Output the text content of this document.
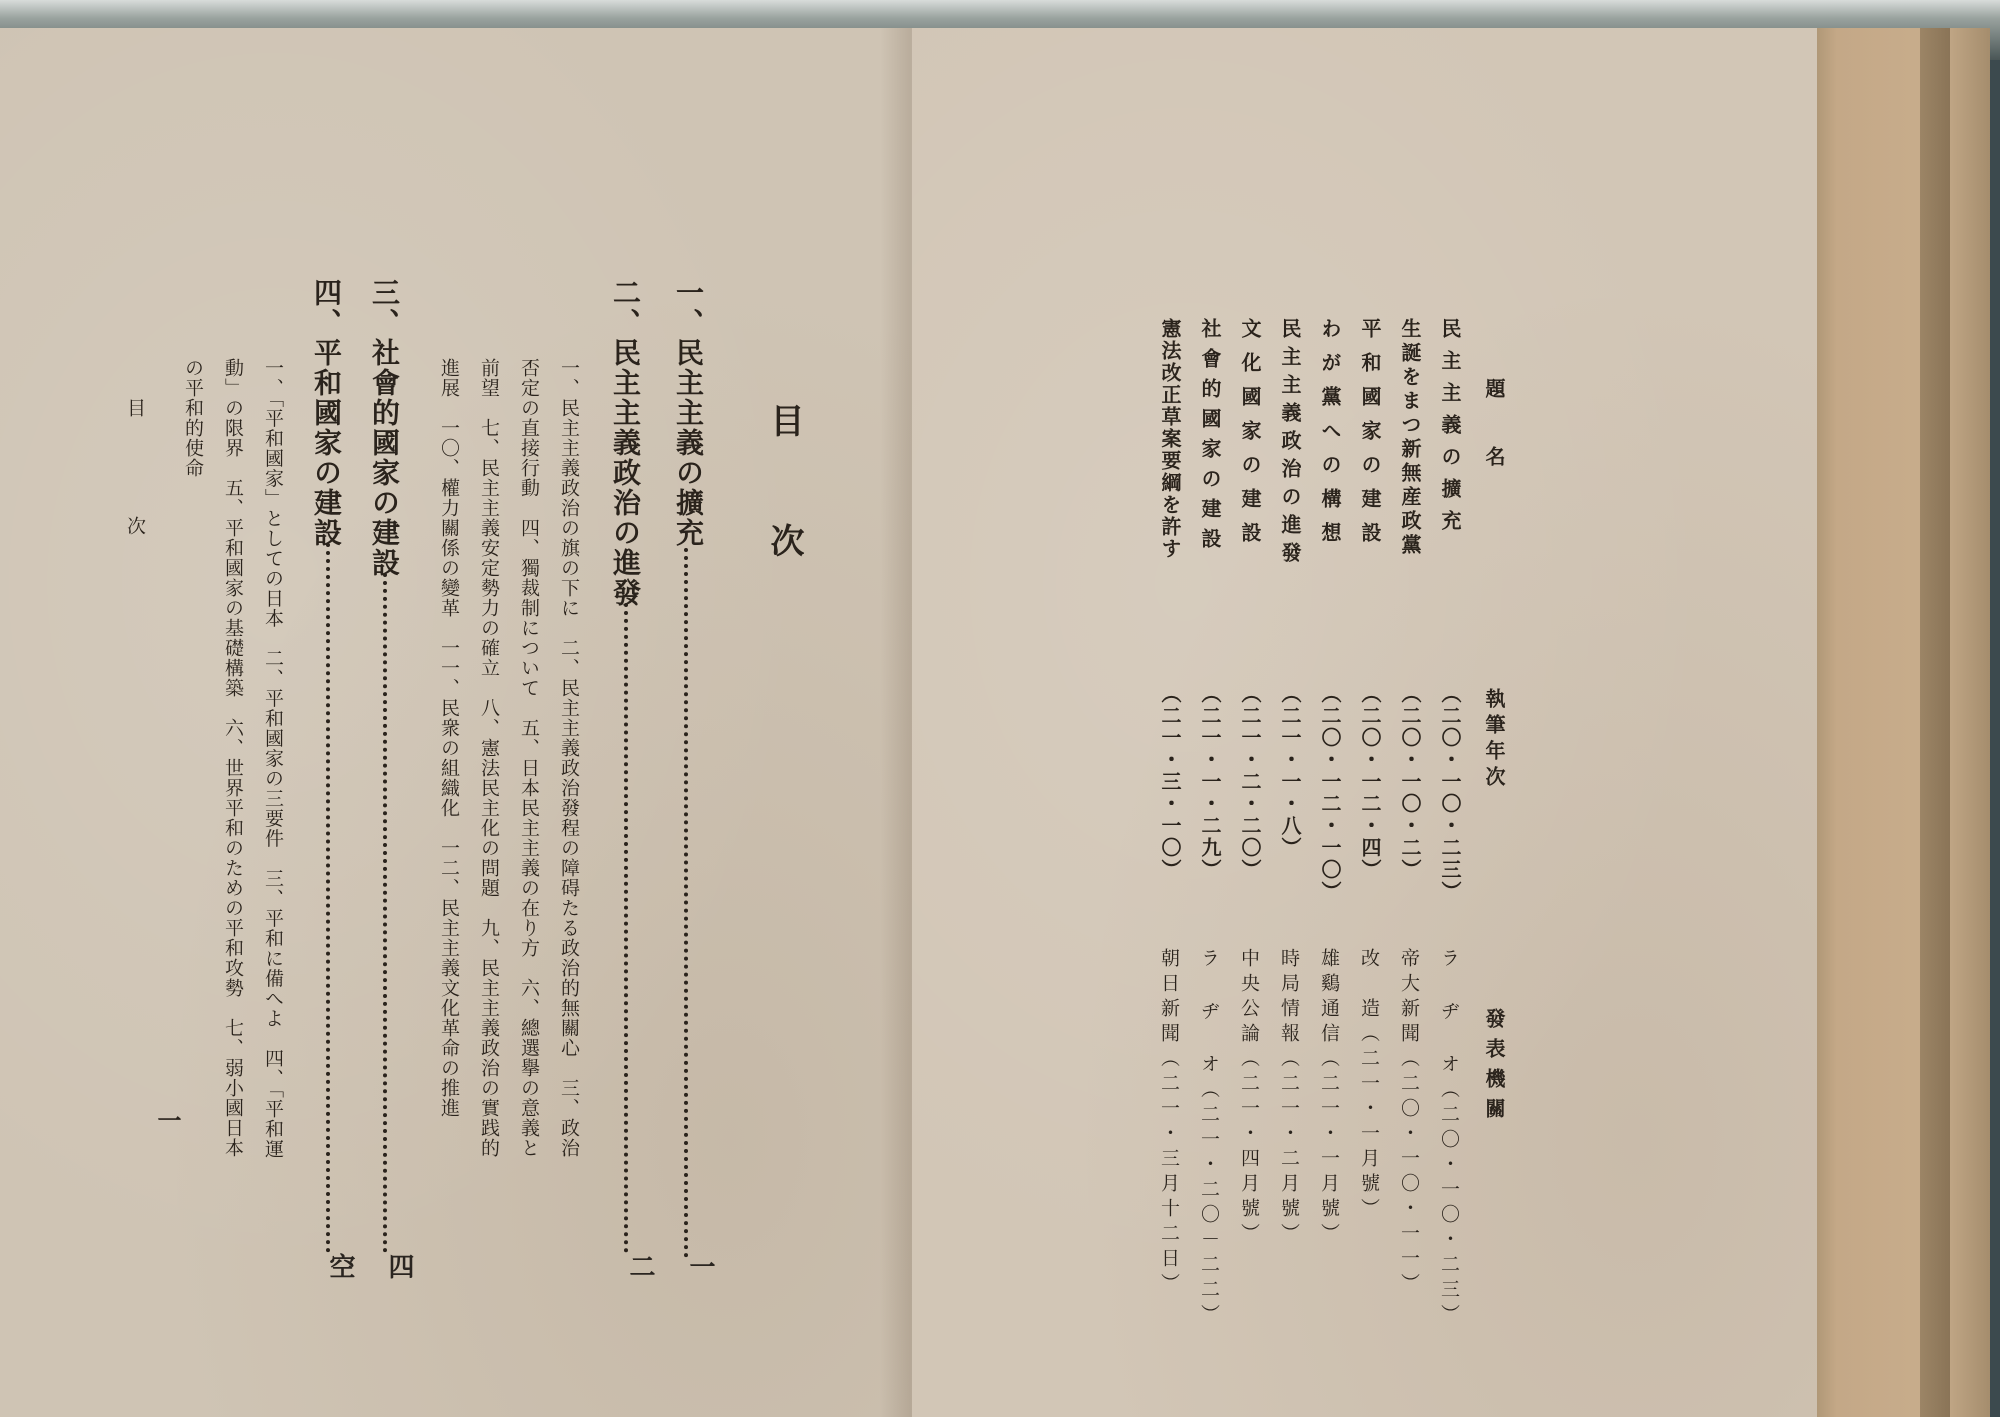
目　次
一、民主主義の擴充
一
二、民主主義政治の進發
二
一、民主主義政治の旗の下に　二、民主主義政治發程の障碍たる政治的無關心　三、政治
否定の直接行動　四、獨裁制について　五、日本民主主義の在り方　六、總選擧の意義と
前望　七、民主主義安定勢力の確立　八、憲法民主化の問題　九、民主主義政治の實践的
進展　一〇、權力關係の變革　一一、民衆の組織化　一二、民主主義文化革命の推進
三、社會的國家の建設
四
四、平和國家の建設
空
一、「平和國家」としての日本　二、平和國家の三要件　三、平和に備へよ　四、「平和運
動」の限界　五、平和國家の基礎構築　六、世界平和のための平和攻勢　七、弱小國日本
の平和的使命
目　次
一
題　名
執筆年次
發表機關
民主主義の擴充
（二〇・一〇・二三）
ラ ヂ オ（二〇・一〇・二三）
生誕をまつ新無産政黨
（二〇・一〇・二）
帝大新聞（二〇・一〇・一一）
平和國家の建設
（二〇・一二・四）
改　造（二一・一月號）
わが黨への構想
（二〇・一二・一〇）
雄鷄通信（二一・一月號）
民主主義政治の進發
（二一・一・八）
時局情報（二一・二月號）
文化國家の建設
（二一・二・二〇）
中央公論（二一・四月號）
社會的國家の建設
（二一・一・二九）
ラ ヂ オ（二一・二〇－二二）
憲法改正草案要綱を許す
（二一・三・一〇）
朝日新聞（二一・三月十二日）
